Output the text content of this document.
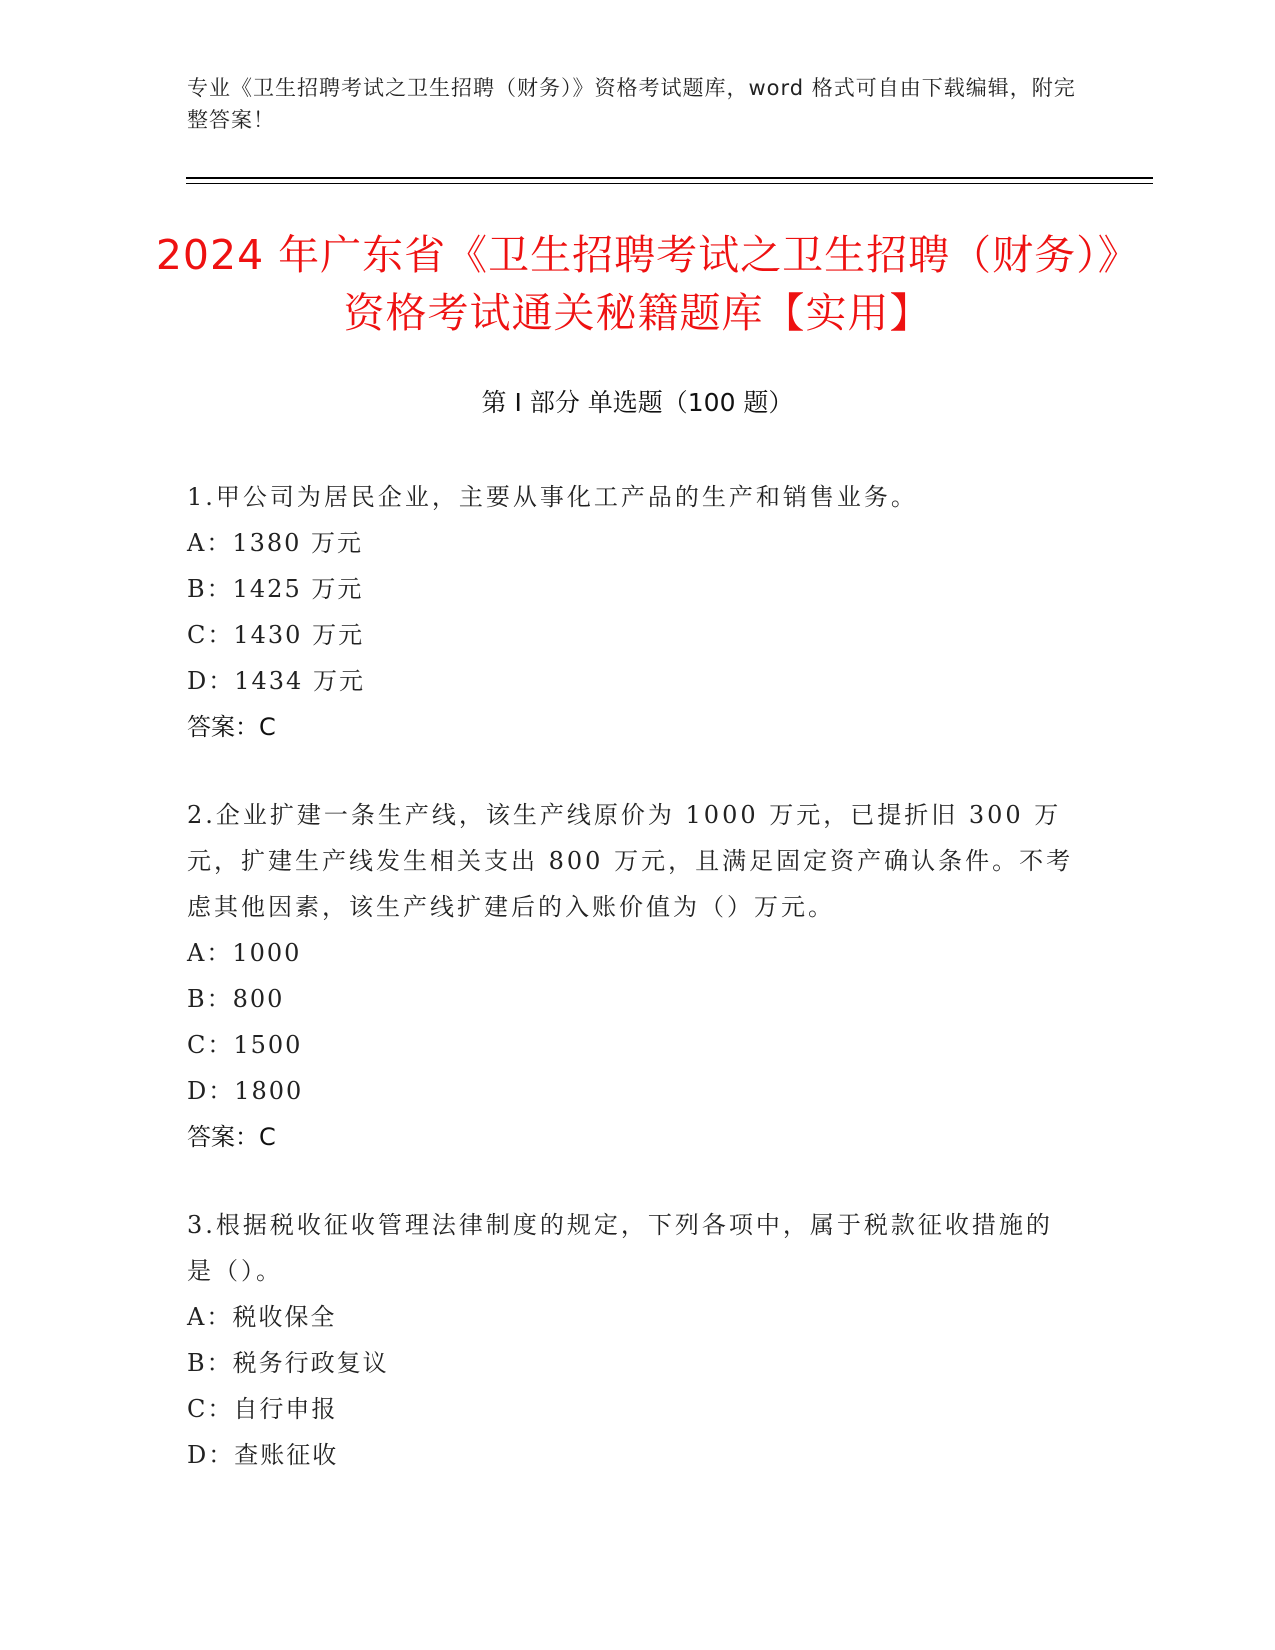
专业《卫生招聘考试之卫生招聘（财务）》资格考试题库，word 格式可自由下载编辑，附完整答案！
2024 年广东省《卫生招聘考试之卫生招聘（财务）》资格考试通关秘籍题库【实用】
第 I 部分 单选题（100 题）

1.甲公司为居民企业，主要从事化工产品的生产和销售业务。

A：1380 万元

B：1425 万元

C：1430 万元

D：1434 万元

答案：C

2.企业扩建一条生产线，该生产线原价为 1000 万元，已提折旧 300 万元，扩建生产线发生相关支出 800 万元，且满足固定资产确认条件。不考虑其他因素，该生产线扩建后的入账价值为（）万元。

A：1000

B：800

C：1500

D：1800

答案：C

3.根据税收征收管理法律制度的规定，下列各项中，属于税款征收措施的是（）。

A：税收保全

B：税务行政复议

C：自行申报

D：查账征收
